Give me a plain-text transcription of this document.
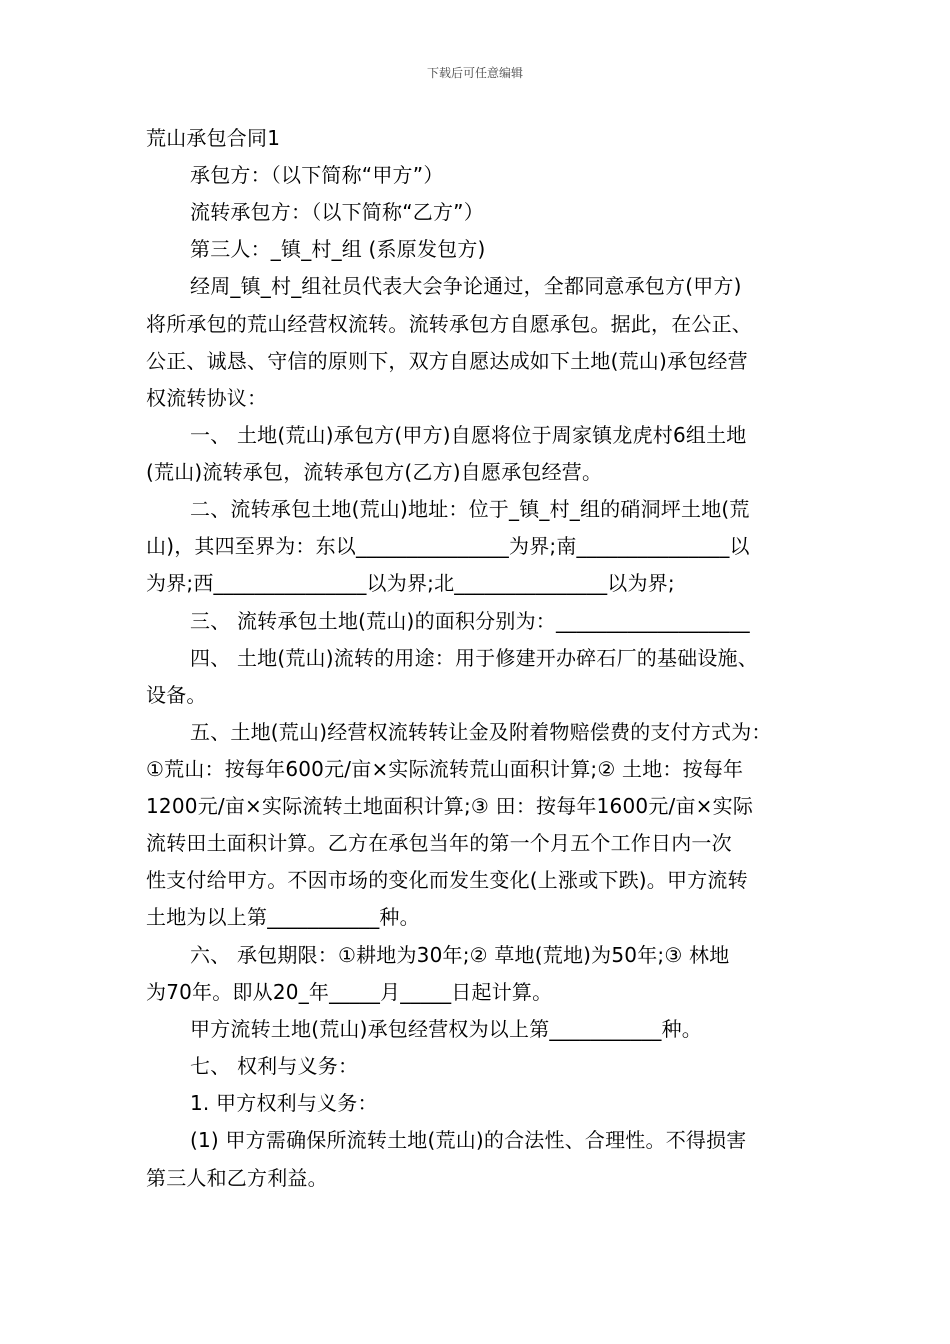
下载后可任意编辑
荒山承包合同1
承包方：（以下简称“甲方”）
流转承包方：（以下简称“乙方”）
第三人：_镇_村_组 (系原发包方)
经周_镇_村_组社员代表大会争论通过，全都同意承包方(甲方)
将所承包的荒山经营权流转。流转承包方自愿承包。据此，在公正、
公正、诚恳、守信的原则下，双方自愿达成如下土地(荒山)承包经营
权流转协议：
一、 土地(荒山)承包方(甲方)自愿将位于周家镇龙虎村6组土地
(荒山)流转承包，流转承包方(乙方)自愿承包经营。
二、流转承包土地(荒山)地址：位于_镇_村_组的硝洞坪土地(荒
山)，其四至界为：东以_______________为界;南_______________以
为界;西_______________以为界;北_______________以为界;
三、 流转承包土地(荒山)的面积分别为：___________________
四、 土地(荒山)流转的用途：用于修建开办碎石厂的基础设施、
设备。
五、土地(荒山)经营权流转转让金及附着物赔偿费的支付方式为：
①荒山：按每年600元/亩×实际流转荒山面积计算;② 土地：按每年
1200元/亩×实际流转土地面积计算;③ 田：按每年1600元/亩×实际
流转田土面积计算。乙方在承包当年的第一个月五个工作日内一次
性支付给甲方。不因市场的变化而发生变化(上涨或下跌)。甲方流转
土地为以上第___________种。
六、 承包期限：①耕地为30年;② 草地(荒地)为50年;③ 林地
为70年。即从20_年_____月_____日起计算。
甲方流转土地(荒山)承包经营权为以上第___________种。
七、 权利与义务：
1. 甲方权利与义务：
(1) 甲方需确保所流转土地(荒山)的合法性、合理性。不得损害
第三人和乙方利益。
